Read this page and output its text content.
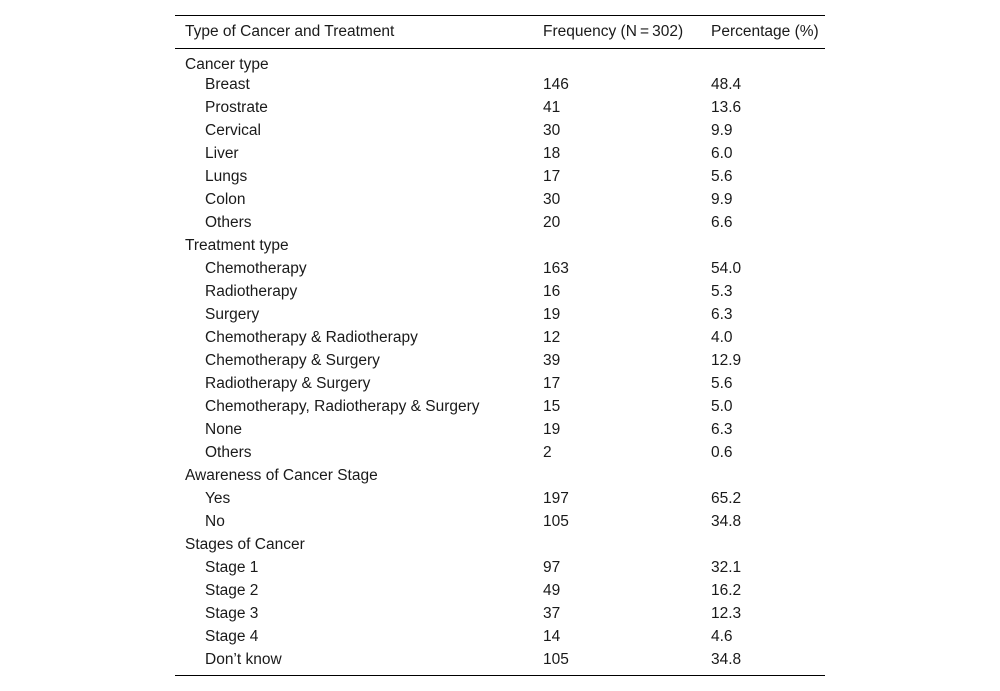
Type of Cancer and Treatment	Frequency (N = 302)	Percentage (%)
Cancer type		
Breast	146	48.4
Prostrate	41	13.6
Cervical	30	9.9
Liver	18	6.0
Lungs	17	5.6
Colon	30	9.9
Others	20	6.6
Treatment type		
Chemotherapy	163	54.0
Radiotherapy	16	5.3
Surgery	19	6.3
Chemotherapy & Radiotherapy	12	4.0
Chemotherapy & Surgery	39	12.9
Radiotherapy & Surgery	17	5.6
Chemotherapy, Radiotherapy & Surgery	15	5.0
None	19	6.3
Others	2	0.6
Awareness of Cancer Stage		
Yes	197	65.2
No	105	34.8
Stages of Cancer		
Stage 1	97	32.1
Stage 2	49	16.2
Stage 3	37	12.3
Stage 4	14	4.6
Don’t know	105	34.8
